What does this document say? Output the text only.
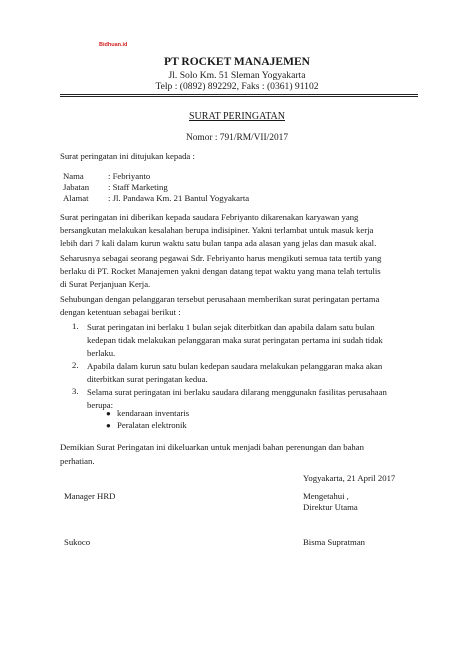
Bidhuan.id
PT ROCKET MANAJEMEN
Jl. Solo Km. 51 Sleman Yogyakarta
Telp : (0892) 892292, Faks : (0361) 91102
SURAT PERINGATAN
Nomor : 791/RM/VII/2017
Surat peringatan ini ditujukan kepada :
Nama	: Febriyanto
Jabatan : Staff Marketing
Alamat : Jl. Pandawa Km. 21 Bantul Yogyakarta
Surat peringatan ini diberikan kepada saudara Febriyanto dikarenakan karyawan yang
bersangkutan melakukan kesalahan berupa indisipiner. Yakni terlambat untuk masuk kerja
lebih dari 7 kali dalam kurun waktu satu bulan tanpa ada alasan yang jelas dan masuk akal.
Seharusnya sebagai seorang pegawai Sdr. Febriyanto harus mengikuti semua tata tertib yang
berlaku di PT. Rocket Manajemen yakni dengan datang tepat waktu yang mana telah tertulis
di Surat Perjanjuan Kerja.
Sehubungan dengan pelanggaran tersebut perusahaan memberikan surat peringatan pertama
dengan ketentuan sebagai berikut :
1. Surat peringatan ini berlaku 1 bulan sejak diterbitkan dan apabila dalam satu bulan
kedepan tidak melakukan pelanggaran maka surat peringatan pertama ini sudah tidak
berlaku.
2. Apabila dalam kurun satu bulan kedepan saudara melakukan pelanggaran maka akan
diterbitkan surat peringatan kedua.
3. Selama surat peringatan ini berlaku saudara dilarang menggunakn fasilitas perusahaan
berupa:
● kendaraan inventaris
● Peralatan elektronik
Demikian Surat Peringatan ini dikeluarkan untuk menjadi bahan perenungan dan bahan
perhatian.
Yogyakarta, 21 April 2017
Manager HRD	Mengetahui ,
Direktur Utama
Sukoco	Bisma Supratman
